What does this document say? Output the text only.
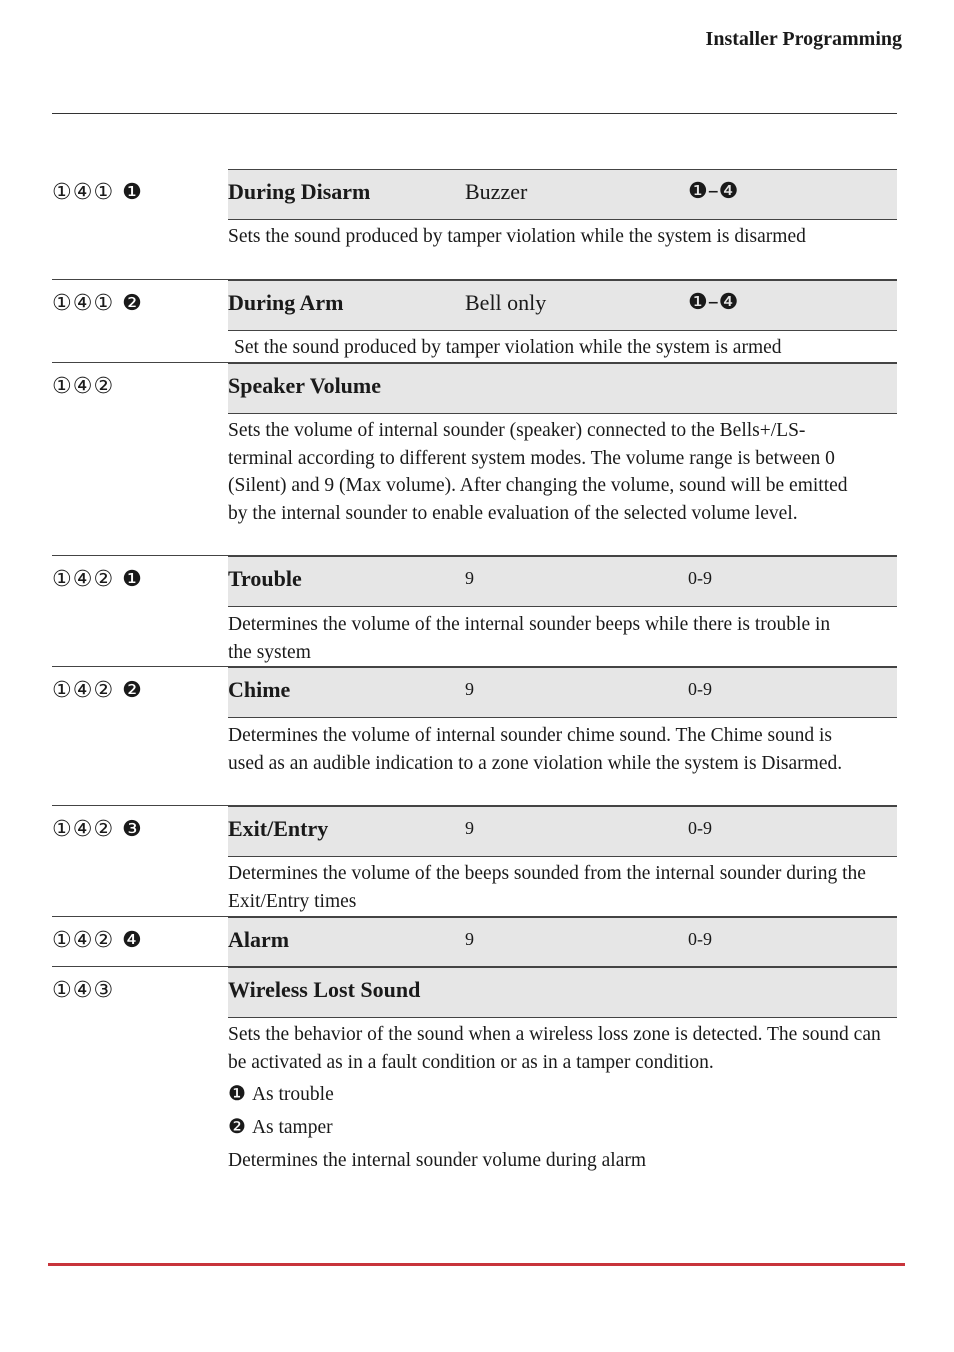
Installer Programming
①④① ❶	During Disarm	Buzzer	❶–❹
Sets the sound produced by tamper violation while the system is disarmed
①④① ❷	During Arm	Bell only	❶–❹
Set the sound produced by tamper violation while the system is armed
①④②	Speaker Volume
Sets the volume of internal sounder (speaker) connected to the Bells+/LS- terminal according to different system modes. The volume range is between 0 (Silent) and 9 (Max volume). After changing the volume, sound will be emitted by the internal sounder to enable evaluation of the selected volume level.
①④② ❶	Trouble	9	0-9
Determines the volume of the internal sounder beeps while there is trouble in the system
①④② ❷	Chime	9	0-9
Determines the volume of internal sounder chime sound. The Chime sound is used as an audible indication to a zone violation while the system is Disarmed.
①④② ❸	Exit/Entry	9	0-9
Determines the volume of the beeps sounded from the internal sounder during the Exit/Entry times
①④② ❹	Alarm	9	0-9
①④③	Wireless Lost Sound
Sets the behavior of the sound when a wireless loss zone is detected. The sound can be activated as in a fault condition or as in a tamper condition.
❶ As trouble
❷ As tamper
Determines the internal sounder volume during alarm
